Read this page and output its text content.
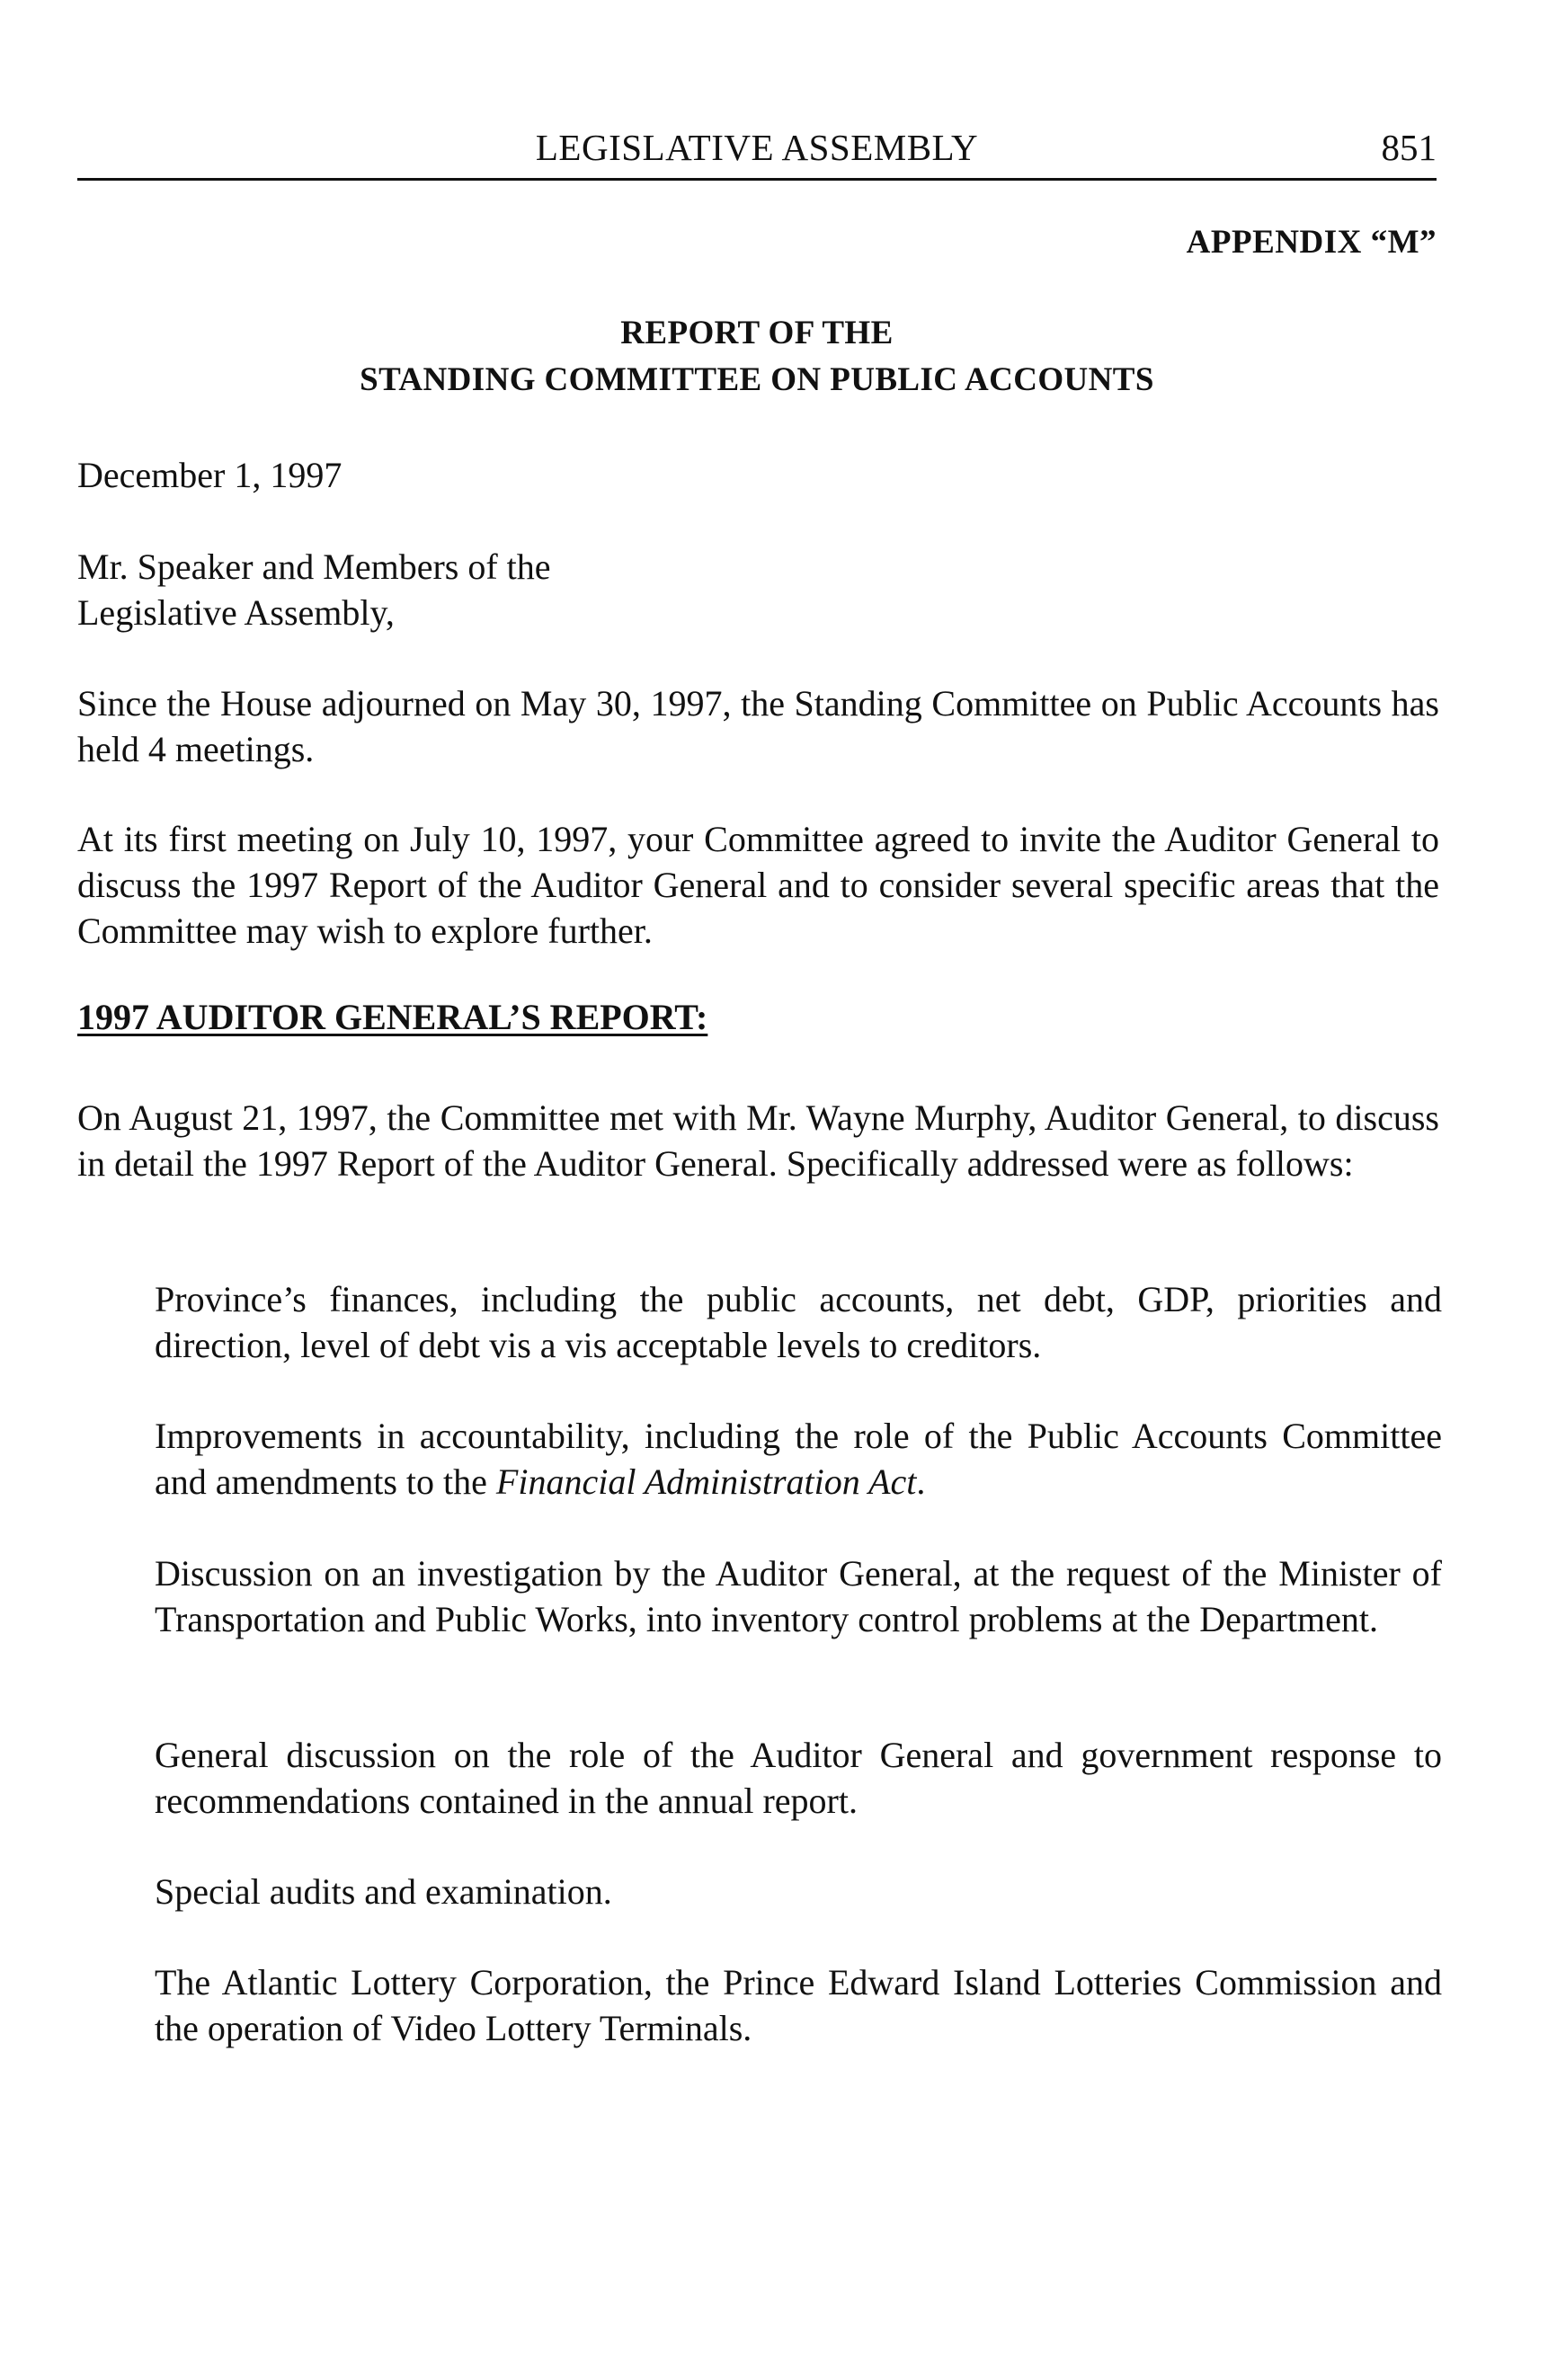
LEGISLATIVE ASSEMBLY	851
APPENDIX “M”
REPORT OF THE
STANDING COMMITTEE ON PUBLIC ACCOUNTS

December 1, 1997

Mr. Speaker and Members of the
Legislative Assembly,

Since the House adjourned on May 30, 1997, the Standing Committee on Public Accounts has held 4 meetings.

At its first meeting on July 10, 1997, your Committee agreed to invite the Auditor General to discuss the 1997 Report of the Auditor General and to consider several specific areas that the Committee may wish to explore further.

1997 AUDITOR GENERAL’S REPORT:

On August 21, 1997, the Committee met with Mr. Wayne Murphy, Auditor General, to discuss in detail the 1997 Report of the Auditor General. Specifically addressed were as follows:

Province’s finances, including the public accounts, net debt, GDP, priorities and direction, level of debt vis a vis acceptable levels to creditors.

Improvements in accountability, including the role of the Public Accounts Committee and amendments to the Financial Administration Act.

Discussion on an investigation by the Auditor General, at the request of the Minister of Transportation and Public Works, into inventory control problems at the Department.

General discussion on the role of the Auditor General and government response to recommendations contained in the annual report.

Special audits and examination.

The Atlantic Lottery Corporation, the Prince Edward Island Lotteries Commission and the operation of Video Lottery Terminals.
